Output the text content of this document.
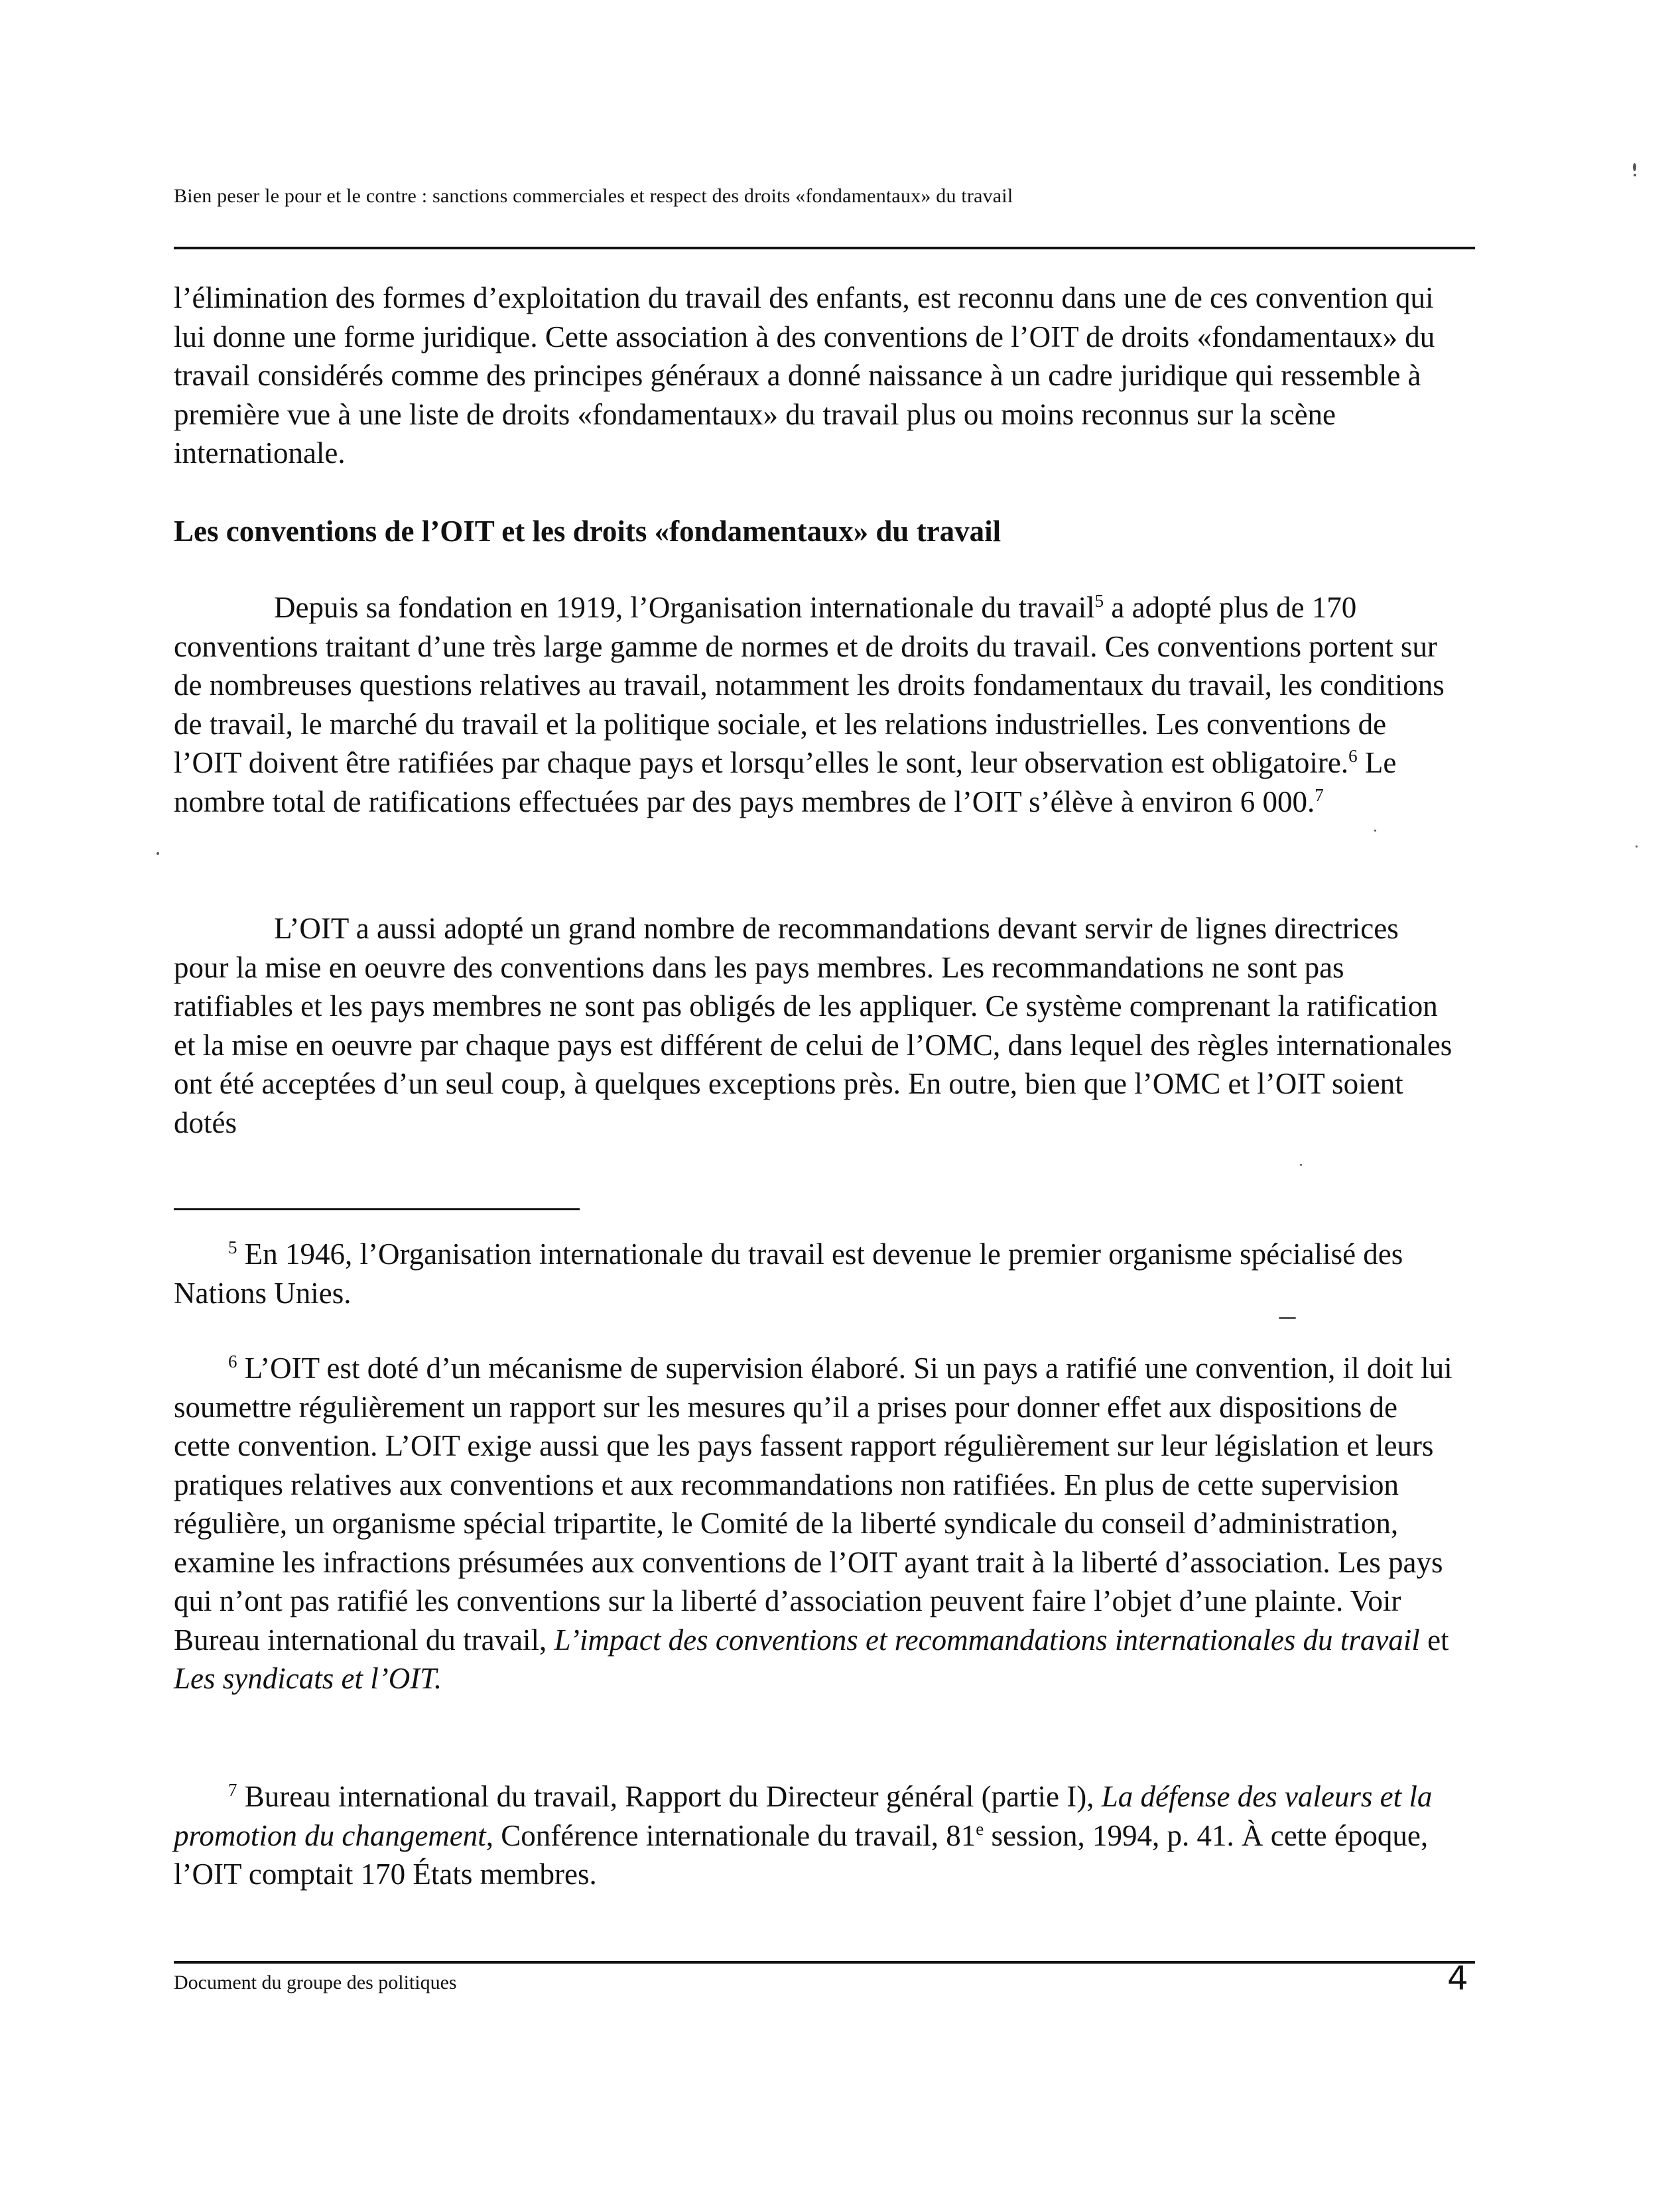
Bien peser le pour et le contre : sanctions commerciales et respect des droits «fondamentaux» du travail

l’élimination des formes d’exploitation du travail des enfants, est reconnu dans une de ces convention qui lui donne une forme juridique. Cette association à des conventions de l’OIT de droits «fondamentaux» du travail considérés comme des principes généraux a donné naissance à un cadre juridique qui ressemble à première vue à une liste de droits «fondamentaux» du travail plus ou moins reconnus sur la scène internationale.

Les conventions de l’OIT et les droits «fondamentaux» du travail

Depuis sa fondation en 1919, l’Organisation internationale du travail$^5$ a adopté plus de 170 conventions traitant d’une très large gamme de normes et de droits du travail. Ces conventions portent sur de nombreuses questions relatives au travail, notamment les droits fondamentaux du travail, les conditions de travail, le marché du travail et la politique sociale, et les relations industrielles. Les conventions de l’OIT doivent être ratifiées par chaque pays et lorsqu’elles le sont, leur observation est obligatoire.$^6$ Le nombre total de ratifications effectuées par des pays membres de l’OIT s’élève à environ 6 000.$^7$

L’OIT a aussi adopté un grand nombre de recommandations devant servir de lignes directrices pour la mise en oeuvre des conventions dans les pays membres. Les recommandations ne sont pas ratifiables et les pays membres ne sont pas obligés de les appliquer. Ce système comprenant la ratification et la mise en oeuvre par chaque pays est différent de celui de l’OMC, dans lequel des règles internationales ont été acceptées d’un seul coup, à quelques exceptions près. En outre, bien que l’OMC et l’OIT soient dotés

$^5$ En 1946, l’Organisation internationale du travail est devenue le premier organisme spécialisé des Nations Unies.

$^6$ L’OIT est doté d’un mécanisme de supervision élaboré. Si un pays a ratifié une convention, il doit lui soumettre régulièrement un rapport sur les mesures qu’il a prises pour donner effet aux dispositions de cette convention. L’OIT exige aussi que les pays fassent rapport régulièrement sur leur législation et leurs pratiques relatives aux conventions et aux recommandations non ratifiées. En plus de cette supervision régulière, un organisme spécial tripartite, le Comité de la liberté syndicale du conseil d’administration, examine les infractions présumées aux conventions de l’OIT ayant trait à la liberté d’association. Les pays qui n’ont pas ratifié les conventions sur la liberté d’association peuvent faire l’objet d’une plainte. Voir Bureau international du travail, L’impact des conventions et recommandations internationales du travail et Les syndicats et l’OIT.

$^7$ Bureau international du travail, Rapport du Directeur général (partie I), La défense des valeurs et la promotion du changement, Conférence internationale du travail, 81e session, 1994, p. 41. À cette époque, l’OIT comptait 170 États membres.

Document du groupe des politiques	4
